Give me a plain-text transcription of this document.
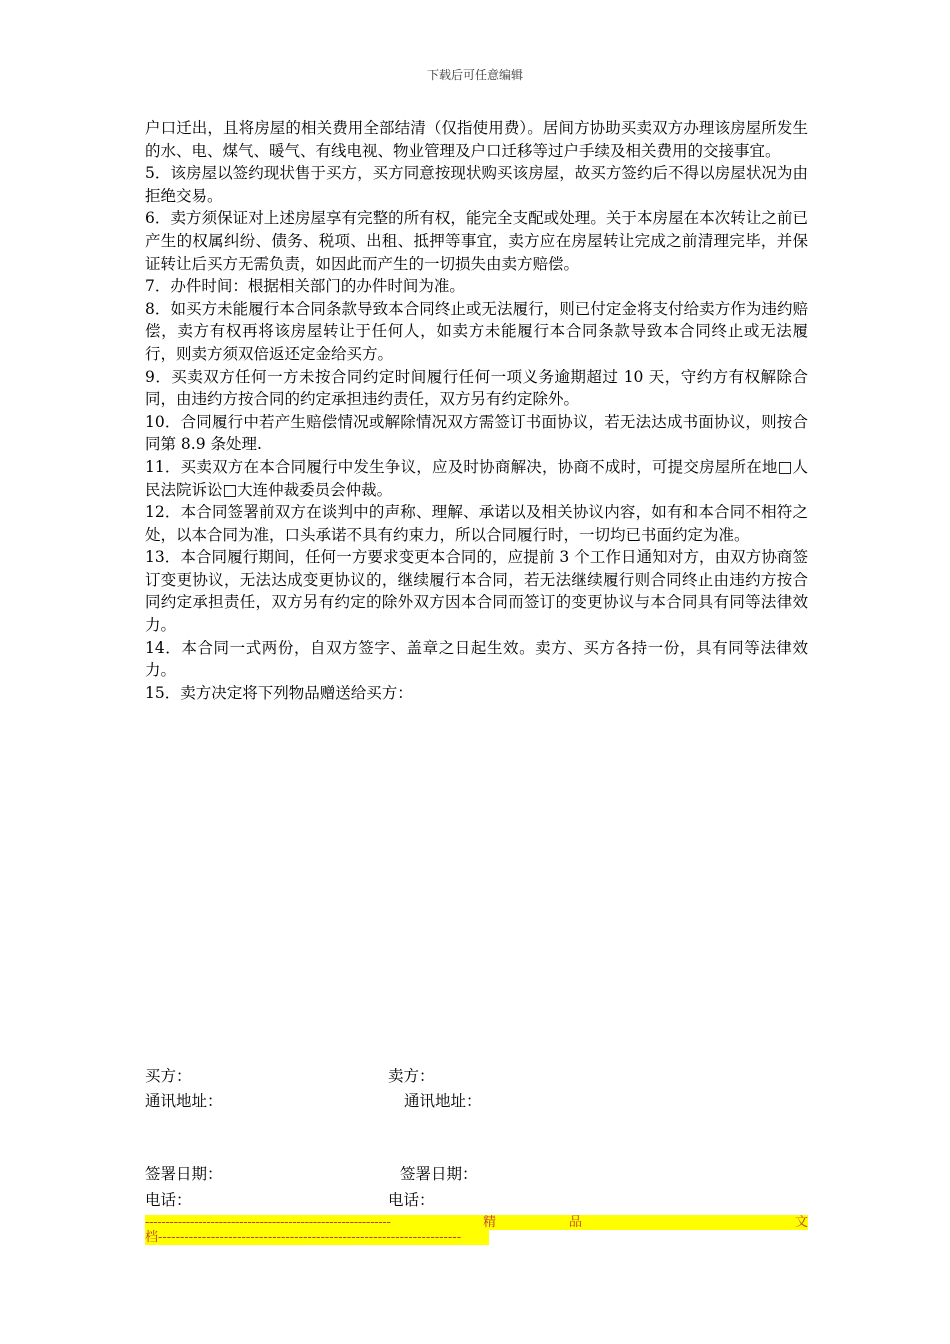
下载后可任意编辑

户口迁出，且将房屋的相关费用全部结清（仅指使用费）。居间方协助买卖双方办理该房屋所发生的水、电、煤气、暖气、有线电视、物业管理及户口迁移等过户手续及相关费用的交接事宜。

5．该房屋以签约现状售于买方，买方同意按现状购买该房屋，故买方签约后不得以房屋状况为由拒绝交易。

6．卖方须保证对上述房屋享有完整的所有权，能完全支配或处理。关于本房屋在本次转让之前已产生的权属纠纷、债务、税项、出租、抵押等事宜，卖方应在房屋转让完成之前清理完毕，并保证转让后买方无需负责，如因此而产生的一切损失由卖方赔偿。

7．办件时间：根据相关部门的办件时间为准。

8．如买方未能履行本合同条款导致本合同终止或无法履行，则已付定金将支付给卖方作为违约赔偿，卖方有权再将该房屋转让于任何人，如卖方未能履行本合同条款导致本合同终止或无法履行，则卖方须双倍返还定金给买方。

9．买卖双方任何一方未按合同约定时间履行任何一项义务逾期超过 10 天，守约方有权解除合同，由违约方按合同的约定承担违约责任，双方另有约定除外。

10．合同履行中若产生赔偿情况或解除情况双方需签订书面协议，若无法达成书面协议，则按合同第 8.9 条处理.

11．买卖双方在本合同履行中发生争议，应及时协商解决，协商不成时，可提交房屋所在地□人民法院诉讼□大连仲裁委员会仲裁。

12．本合同签署前双方在谈判中的声称、理解、承诺以及相关协议内容，如有和本合同不相符之处，以本合同为准，口头承诺不具有约束力，所以合同履行时，一切均已书面约定为准。

13．本合同履行期间，任何一方要求变更本合同的，应提前 3 个工作日通知对方，由双方协商签订变更协议，无法达成变更协议的，继续履行本合同，若无法继续履行则合同终止由违约方按合同约定承担责任，双方另有约定的除外双方因本合同而签订的变更协议与本合同具有同等法律效力。

14．本合同一式两份，自双方签字、盖章之日起生效。卖方、买方各持一份，具有同等法律效力。

15．卖方决定将下列物品赠送给买方：

买方：	卖方：
通讯地址：	通讯地址：
签署日期：	签署日期：
电话：	电话：
------------------------------------------------------------	精	品	文
档---------------------------------------------------------------------
